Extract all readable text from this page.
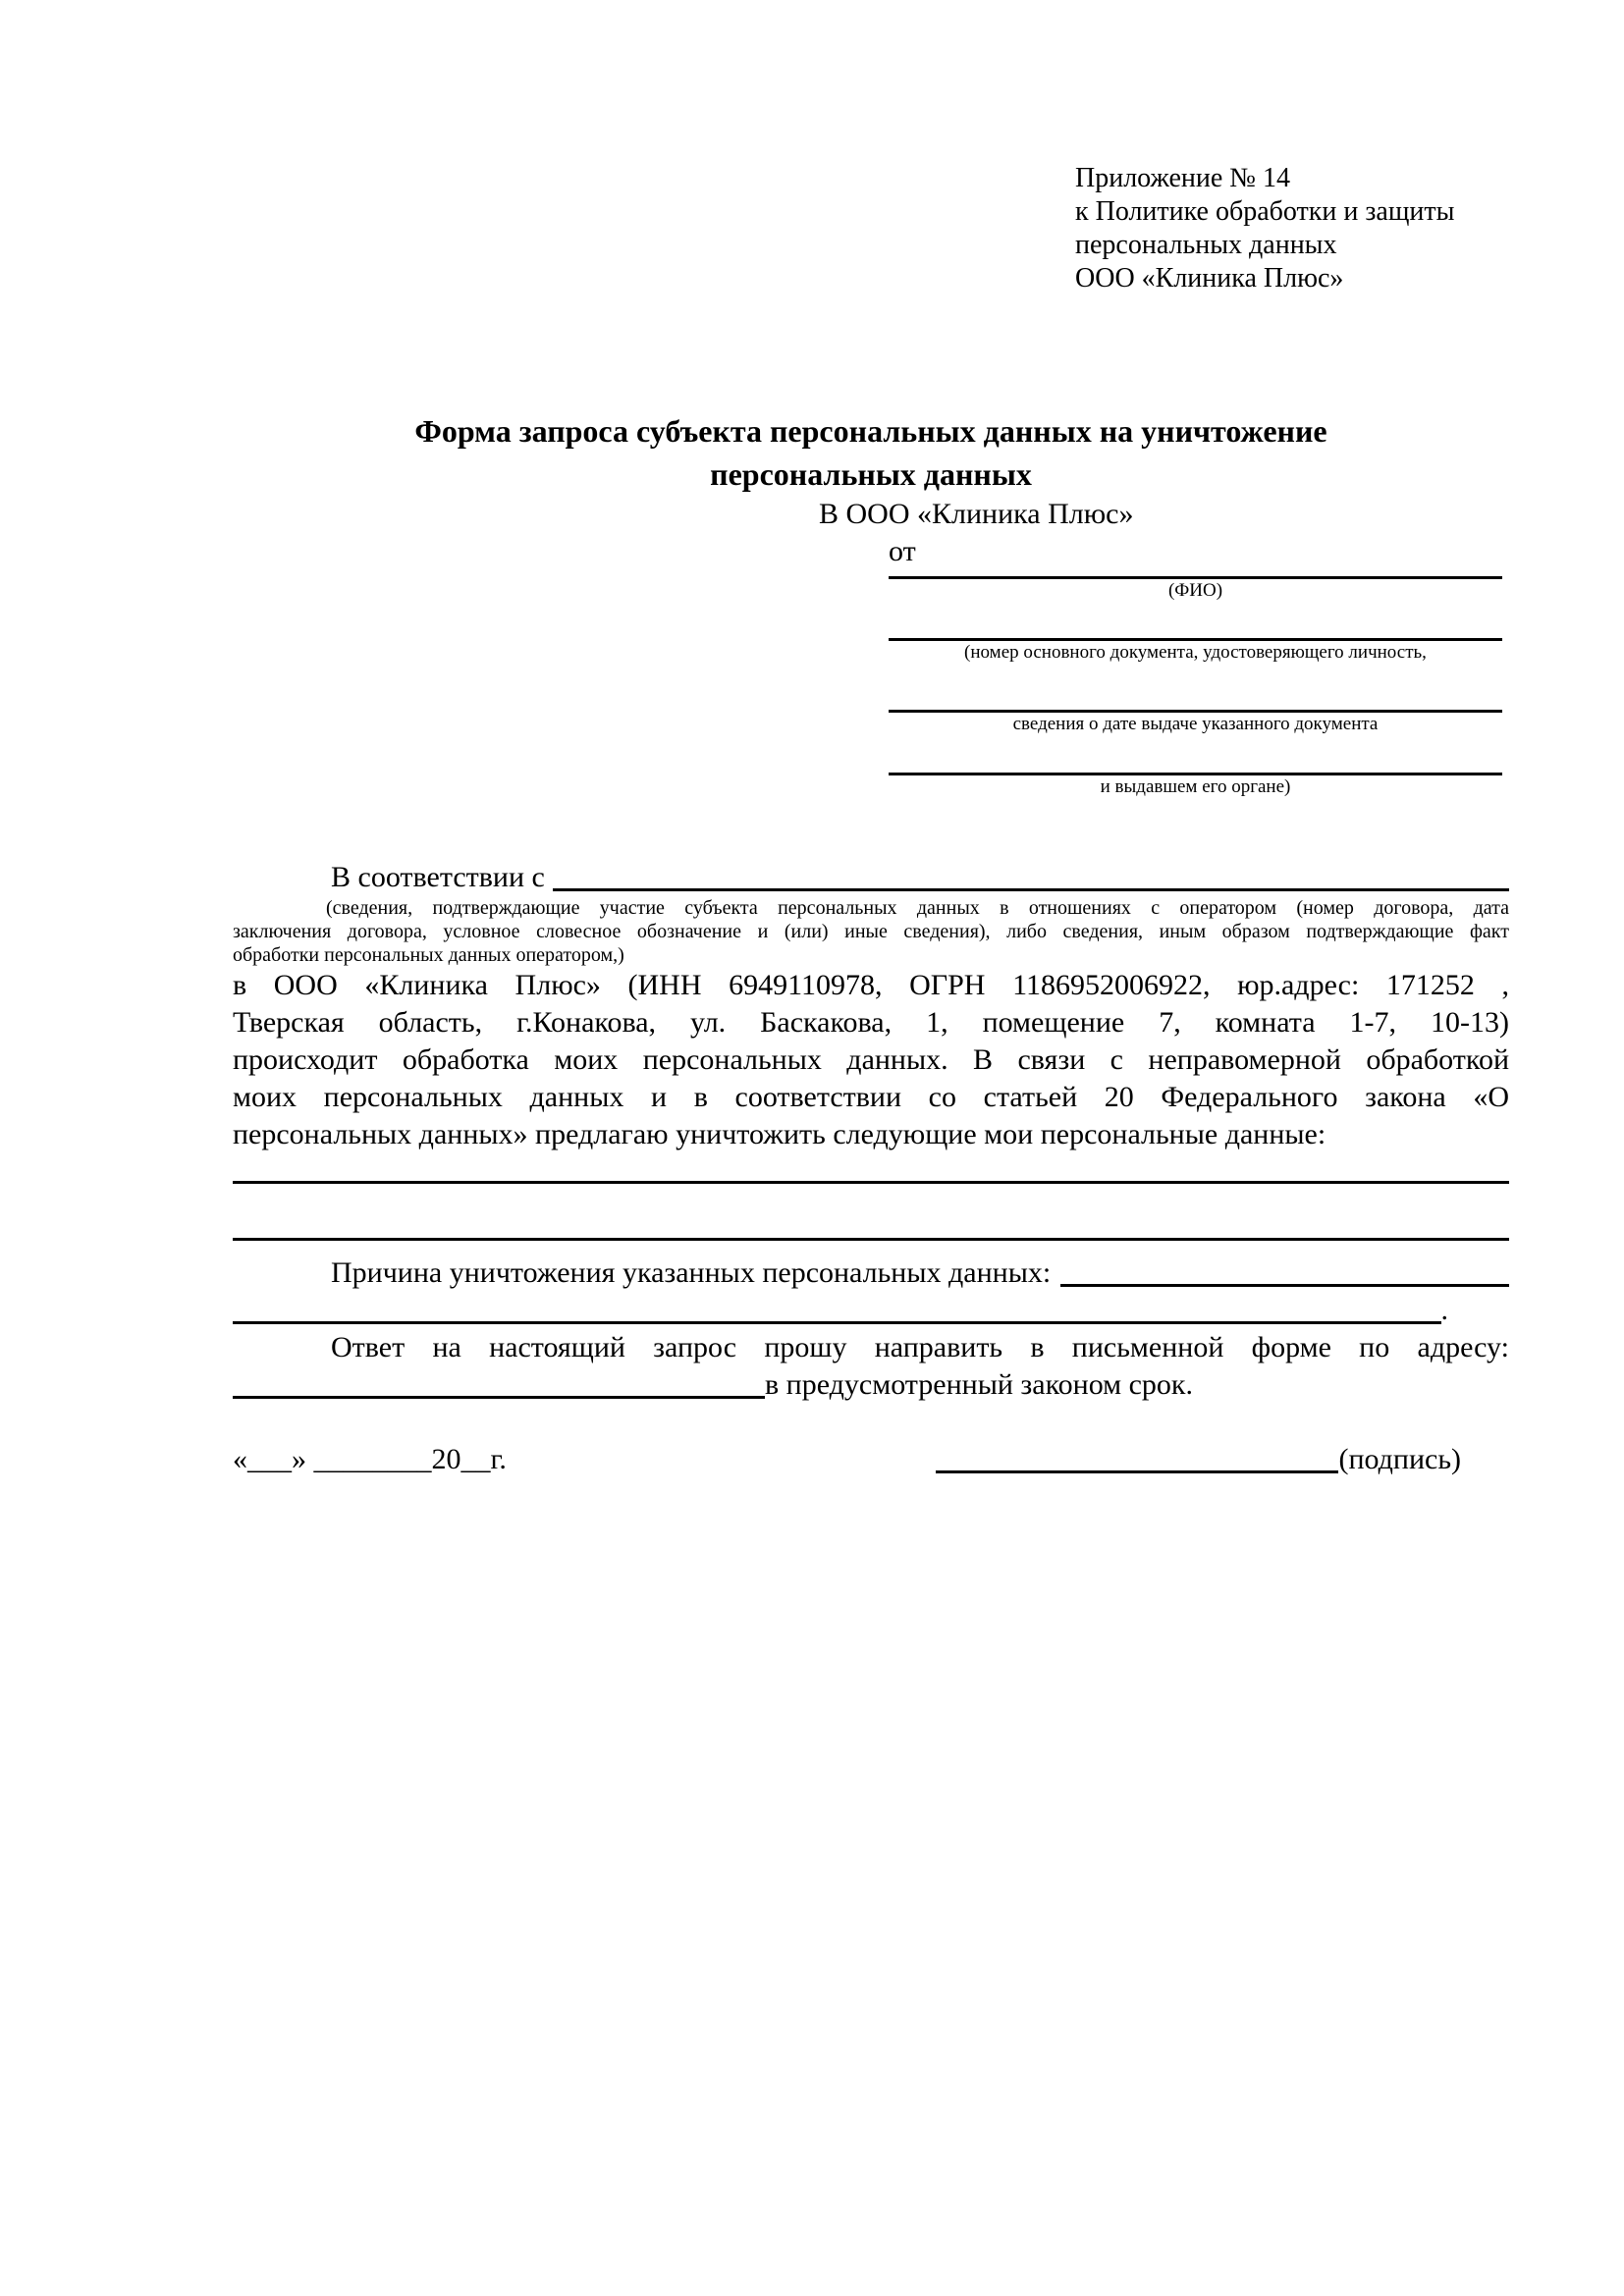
Приложение № 14
к Политике обработки и защиты
персональных данных
ООО «Клиника Плюс»
Форма запроса субъекта персональных данных на уничтожение
персональных данных
В ООО «Клиника Плюс»
от
(ФИО)
(номер основного документа, удостоверяющего личность,
сведения о дате выдаче указанного документа
и выдавшем его органе)
В соответствии с
(сведения, подтверждающие участие субъекта персональных данных в отношениях с оператором (номер договора, дата
заключения договора, условное словесное обозначение и (или) иные сведения), либо сведения, иным образом подтверждающие факт
обработки персональных данных оператором,)
в ООО «Клиника Плюс» (ИНН 6949110978, ОГРН 1186952006922, юр.адрес: 171252 ,
Тверская область, г.Конакова, ул. Баскакова, 1, помещение 7, комната 1-7, 10-13)
происходит обработка моих персональных данных. В связи с неправомерной обработкой
моих персональных данных и в соответствии со статьей 20 Федерального закона «О
персональных данных» предлагаю уничтожить следующие мои персональные данные:
Причина уничтожения указанных персональных данных:
.
Ответ на настоящий запрос прошу направить в письменной форме по адресу:
в предусмотренный законом срок.
«___» ________20__г.	(подпись)
